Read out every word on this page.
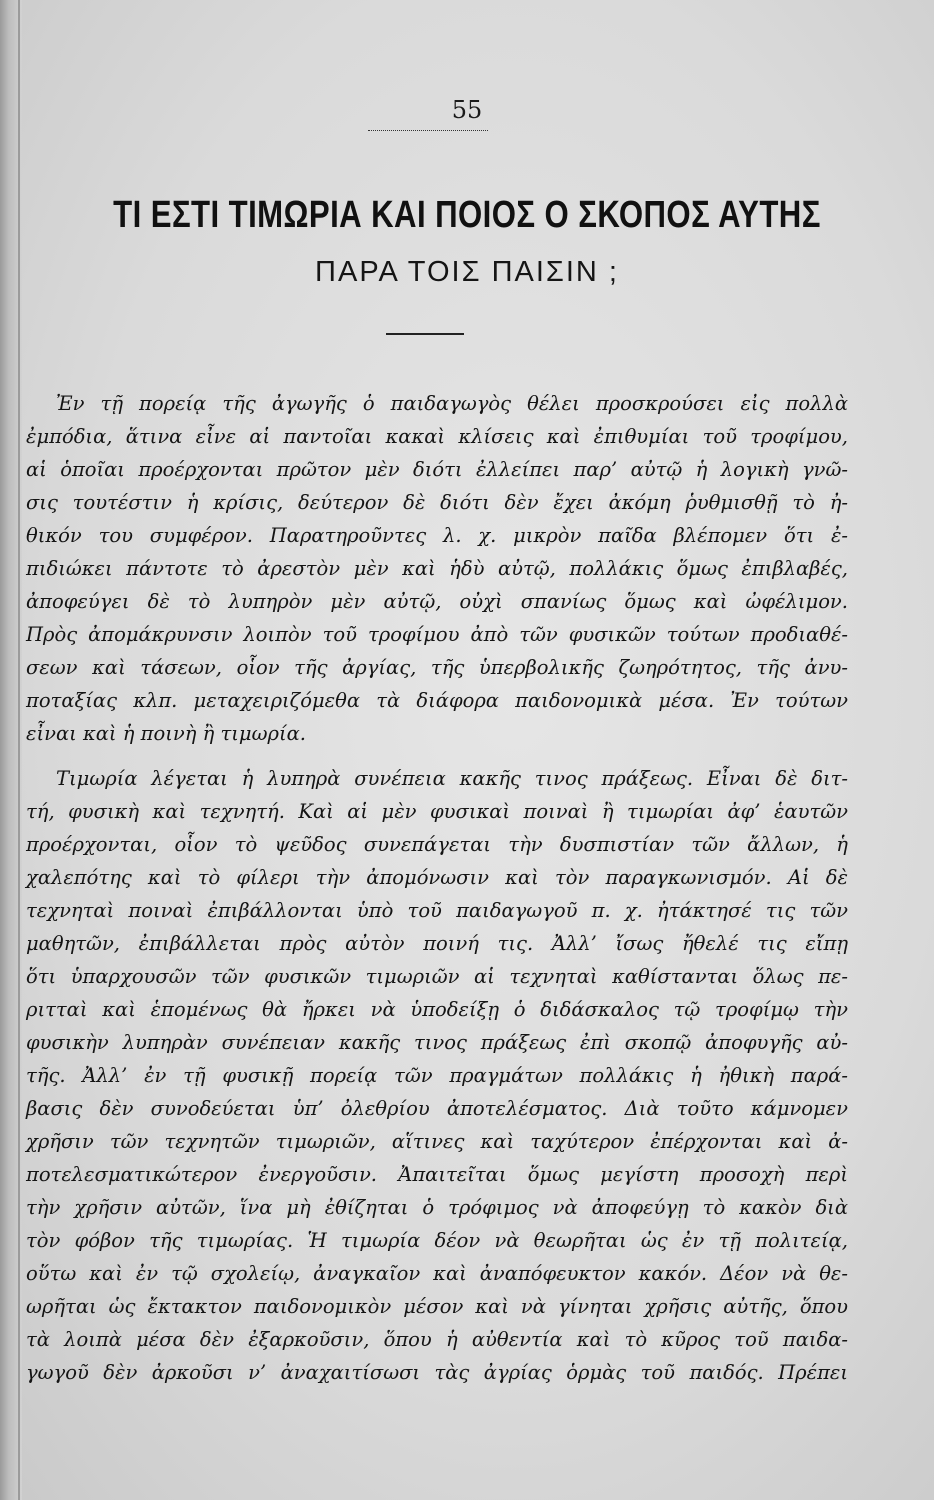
55
ΤΙ ΕΣΤΙ ΤΙΜΩΡΙΑ ΚΑΙ ΠΟΙΟΣ Ο ΣΚΟΠΟΣ ΑΥΤΗΣ
ΠΑΡΑ ΤΟΙΣ ΠΑΙΣΙΝ ;
Ἐν τῇ πορείᾳ τῆς ἀγωγῆς ὁ παιδαγωγὸς θέλει προσκρούσει εἰς πολλὰ
ἐμπόδια, ἅτινα εἶνε αἱ παντοῖαι κακαὶ κλίσεις καὶ ἐπιθυμίαι τοῦ τροφίμου,
αἱ ὁποῖαι προέρχονται πρῶτον μὲν διότι ἐλλείπει παρ’ αὐτῷ ἡ λογικὴ γνῶ-
σις τουτέστιν ἡ κρίσις, δεύτερον δὲ διότι δὲν ἔχει ἀκόμη ῥυθμισθῇ τὸ ἠ-
θικόν του συμφέρον. Παρατηροῦντες λ. χ. μικρὸν παῖδα βλέπομεν ὅτι ἐ-
πιδιώκει πάντοτε τὸ ἀρεστὸν μὲν καὶ ἡδὺ αὐτῷ, πολλάκις ὅμως ἐπιβλαβές,
ἀποφεύγει δὲ τὸ λυπηρὸν μὲν αὐτῷ, οὐχὶ σπανίως ὅμως καὶ ὠφέλιμον.
Πρὸς ἀπομάκρυνσιν λοιπὸν τοῦ τροφίμου ἀπὸ τῶν φυσικῶν τούτων προδιαθέ-
σεων καὶ τάσεων, οἷον τῆς ἀργίας, τῆς ὑπερβολικῆς ζωηρότητος, τῆς ἀνυ-
ποταξίας κλπ. μεταχειριζόμεθα τὰ διάφορα παιδονομικὰ μέσα. Ἐν τούτων
εἶναι καὶ ἡ ποινὴ ἢ τιμωρία.
Τιμωρία λέγεται ἡ λυπηρὰ συνέπεια κακῆς τινος πράξεως. Εἶναι δὲ διτ-
τή, φυσικὴ καὶ τεχνητή. Καὶ αἱ μὲν φυσικαὶ ποιναὶ ἢ τιμωρίαι ἀφ’ ἑαυτῶν
προέρχονται, οἷον τὸ ψεῦδος συνεπάγεται τὴν δυσπιστίαν τῶν ἄλλων, ἡ
χαλεπότης καὶ τὸ φίλερι τὴν ἀπομόνωσιν καὶ τὸν παραγκωνισμόν. Αἱ δὲ
τεχνηταὶ ποιναὶ ἐπιβάλλονται ὑπὸ τοῦ παιδαγωγοῦ π. χ. ἠτάκτησέ τις τῶν
μαθητῶν, ἐπιβάλλεται πρὸς αὐτὸν ποινή τις. Ἀλλ’ ἴσως ἤθελέ τις εἴπῃ
ὅτι ὑπαρχουσῶν τῶν φυσικῶν τιμωριῶν αἱ τεχνηταὶ καθίστανται ὅλως πε-
ριτταὶ καὶ ἑπομένως θὰ ἤρκει νὰ ὑποδείξῃ ὁ διδάσκαλος τῷ τροφίμῳ τὴν
φυσικὴν λυπηρὰν συνέπειαν κακῆς τινος πράξεως ἐπὶ σκοπῷ ἀποφυγῆς αὐ-
τῆς. Ἀλλ’ ἐν τῇ φυσικῇ πορείᾳ τῶν πραγμάτων πολλάκις ἡ ἠθικὴ παρά-
βασις δὲν συνοδεύεται ὑπ’ ὀλεθρίου ἀποτελέσματος. Διὰ τοῦτο κάμνομεν
χρῆσιν τῶν τεχνητῶν τιμωριῶν, αἵτινες καὶ ταχύτερον ἐπέρχονται καὶ ἀ-
ποτελεσματικώτερον ἐνεργοῦσιν. Ἀπαιτεῖται ὅμως μεγίστη προσοχὴ περὶ
τὴν χρῆσιν αὐτῶν, ἵνα μὴ ἐθίζηται ὁ τρόφιμος νὰ ἀποφεύγῃ τὸ κακὸν διὰ
τὸν φόβον τῆς τιμωρίας. Ἡ τιμωρία δέον νὰ θεωρῆται ὡς ἐν τῇ πολιτείᾳ,
οὕτω καὶ ἐν τῷ σχολείῳ, ἀναγκαῖον καὶ ἀναπόφευκτον κακόν. Δέον νὰ θε-
ωρῆται ὡς ἔκτακτον παιδονομικὸν μέσον καὶ νὰ γίνηται χρῆσις αὐτῆς, ὅπου
τὰ λοιπὰ μέσα δὲν ἐξαρκοῦσιν, ὅπου ἡ αὐθεντία καὶ τὸ κῦρος τοῦ παιδα-
γωγοῦ δὲν ἀρκοῦσι ν’ ἀναχαιτίσωσι τὰς ἀγρίας ὁρμὰς τοῦ παιδός. Πρέπει
